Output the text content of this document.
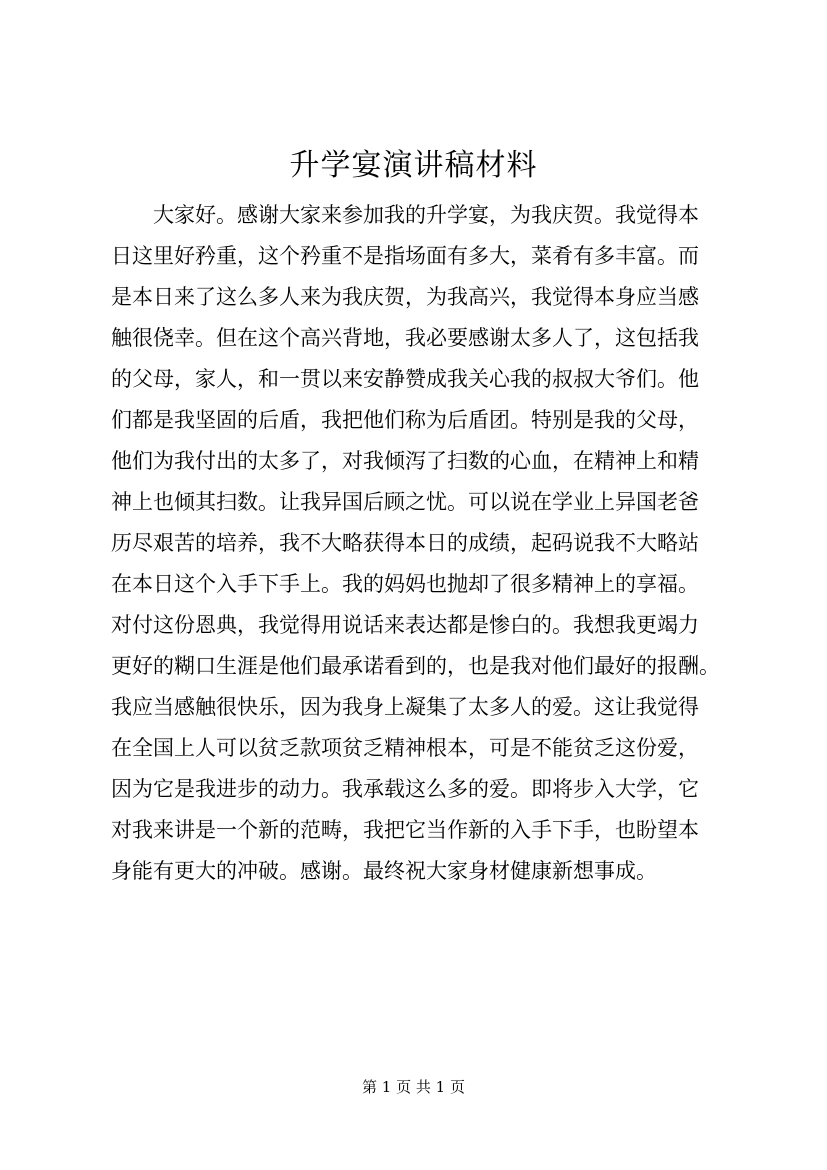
升学宴演讲稿材料
　　大家好。感谢大家来参加我的升学宴，为我庆贺。我觉得本
日这里好矜重，这个矜重不是指场面有多大，菜肴有多丰富。而
是本日来了这么多人来为我庆贺，为我高兴，我觉得本身应当感
触很侥幸。但在这个高兴背地，我必要感谢太多人了，这包括我
的父母，家人，和一贯以来安静赞成我关心我的叔叔大爷们。他
们都是我坚固的后盾，我把他们称为后盾团。特别是我的父母，
他们为我付出的太多了，对我倾泻了扫数的心血，在精神上和精
神上也倾其扫数。让我异国后顾之忧。可以说在学业上异国老爸
历尽艰苦的培养，我不大略获得本日的成绩，起码说我不大略站
在本日这个入手下手上。我的妈妈也抛却了很多精神上的享福。
对付这份恩典，我觉得用说话来表达都是惨白的。我想我更竭力
更好的糊口生涯是他们最承诺看到的，也是我对他们最好的报酬。
我应当感触很快乐，因为我身上凝集了太多人的爱。这让我觉得
在全国上人可以贫乏款项贫乏精神根本，可是不能贫乏这份爱，
因为它是我进步的动力。我承载这么多的爱。即将步入大学，它
对我来讲是一个新的范畴，我把它当作新的入手下手，也盼望本
身能有更大的冲破。感谢。最终祝大家身材健康新想事成。
第 1 页 共 1 页
